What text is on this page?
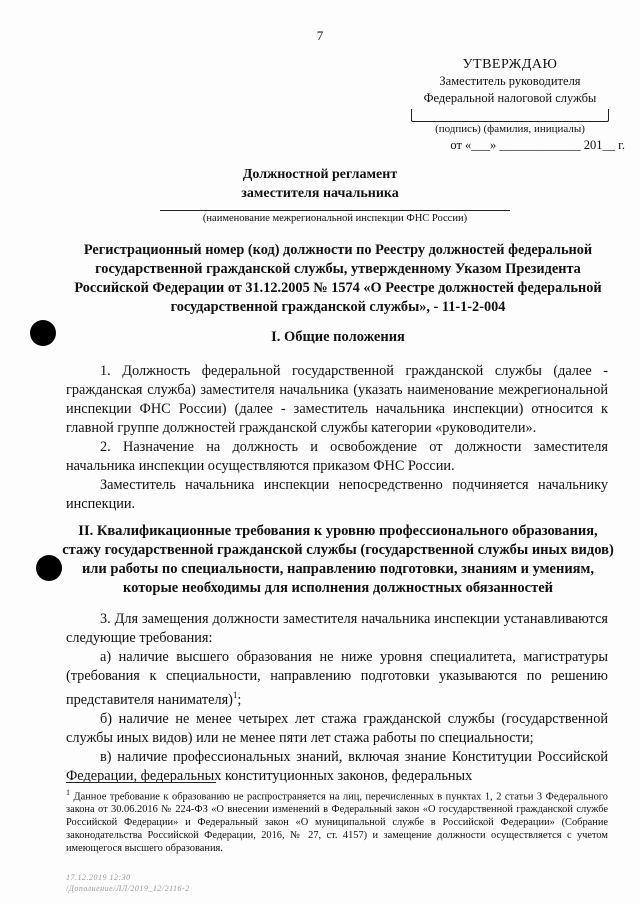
7
УТВЕРЖДАЮ
Заместитель руководителя
Федеральной налоговой службы
(подпись) (фамилия, инициалы)
от «___» _____________ 201__ г.
Должностной регламент
заместителя начальника
(наименование межрегиональной инспекции ФНС России)
Регистрационный номер (код) должности по Реестру должностей федеральной государственной гражданской службы, утвержденному Указом Президента Российской Федерации от 31.12.2005 № 1574 «О Реестре должностей федеральной государственной гражданской службы», - 11-1-2-004
I. Общие положения

1. Должность федеральной государственной гражданской службы (далее - гражданская служба) заместителя начальника (указать наименование межрегиональной инспекции ФНС России) (далее - заместитель начальника инспекции) относится к главной группе должностей гражданской службы категории «руководители».

2. Назначение на должность и освобождение от должности заместителя начальника инспекции осуществляются приказом ФНС России.

Заместитель начальника инспекции непосредственно подчиняется начальнику инспекции.

II. Квалификационные требования к уровню профессионального образования, стажу государственной гражданской службы (государственной службы иных видов) или работы по специальности, направлению подготовки, знаниям и умениям, которые необходимы для исполнения должностных обязанностей

3. Для замещения должности заместителя начальника инспекции устанавливаются следующие требования:

а) наличие высшего образования не ниже уровня специалитета, магистратуры (требования к специальности, направлению подготовки указываются по решению представителя нанимателя)$^1$;

б) наличие не менее четырех лет стажа гражданской службы (государственной службы иных видов) или не менее пяти лет стажа работы по специальности;

в) наличие профессиональных знаний, включая знание Конституции Российской Федерации, федеральных конституционных законов, федеральных

$^1$ Данное требование к образованию не распространяется на лиц, перечисленных в пунктах 1, 2 статьи 3 Федерального закона от 30.06.2016 № 224-ФЗ «О внесении изменений в Федеральный закон «О государственной гражданской службе Российской Федерации» и Федеральный закон «О муниципальной службе в Российской Федерации» (Собрание законодательства Российской Федерации, 2016, № 27, ст. 4157) и замещение должности осуществляется с учетом имеющегося высшего образования.
17.12.2019 12:30
/Дополнение/ЛЛ/2019_12/2116-2
